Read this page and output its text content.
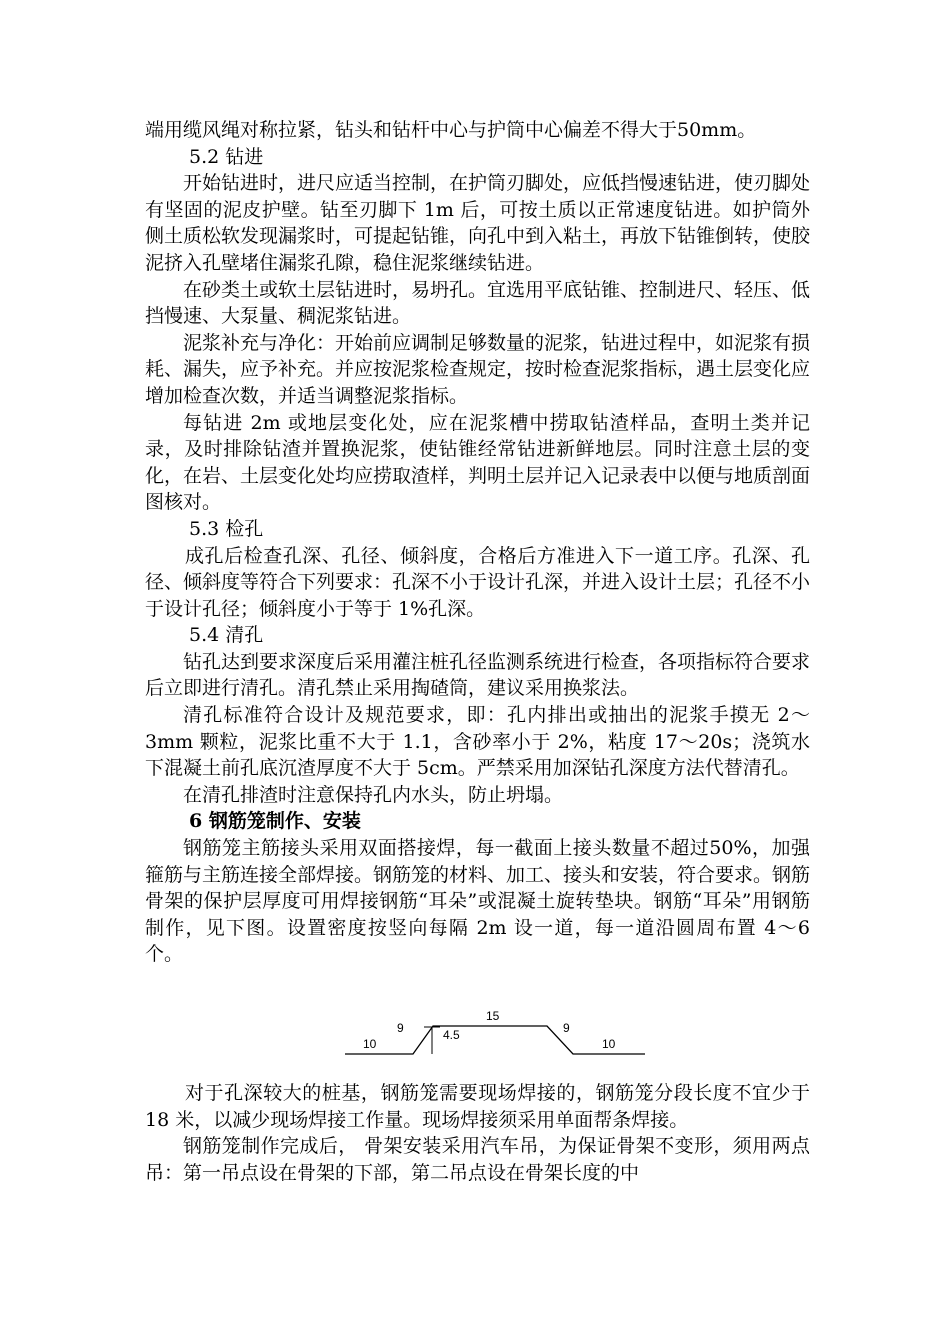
端用缆风绳对称拉紧，钻头和钻杆中心与护筒中心偏差不得大于50mm。

5.2 钻进

开始钻进时，进尺应适当控制，在护筒刃脚处，应低挡慢速钻进，使刃脚处有坚固的泥皮护壁。钻至刃脚下 1m 后，可按土质以正常速度钻进。如护筒外侧土质松软发现漏浆时，可提起钻锥，向孔中到入粘土，再放下钻锥倒转，使胶泥挤入孔壁堵住漏浆孔隙，稳住泥浆继续钻进。

在砂类土或软土层钻进时，易坍孔。宜选用平底钻锥、控制进尺、轻压、低挡慢速、大泵量、稠泥浆钻进。

泥浆补充与净化：开始前应调制足够数量的泥浆，钻进过程中，如泥浆有损耗、漏失，应予补充。并应按泥浆检查规定，按时检查泥浆指标，遇土层变化应增加检查次数，并适当调整泥浆指标。

每钻进 2m 或地层变化处，应在泥浆槽中捞取钻渣样品，查明土类并记录，及时排除钻渣并置换泥浆，使钻锥经常钻进新鲜地层。同时注意土层的变化，在岩、土层变化处均应捞取渣样，判明土层并记入记录表中以便与地质剖面图核对。

5.3 检孔

成孔后检查孔深、孔径、倾斜度，合格后方准进入下一道工序。孔深、孔径、倾斜度等符合下列要求：孔深不小于设计孔深，并进入设计土层；孔径不小于设计孔径；倾斜度小于等于 1%孔深。

5.4 清孔

钻孔达到要求深度后采用灌注桩孔径监测系统进行检查，各项指标符合要求后立即进行清孔。清孔禁止采用掏碴筒，建议采用换浆法。

清孔标准符合设计及规范要求，即：孔内排出或抽出的泥浆手摸无 2～3mm 颗粒，泥浆比重不大于 1.1，含砂率小于 2%，粘度 17～20s；浇筑水下混凝土前孔底沉渣厚度不大于 5cm。严禁采用加深钻孔深度方法代替清孔。

在清孔排渣时注意保持孔内水头，防止坍塌。

6 钢筋笼制作、安装

钢筋笼主筋接头采用双面搭接焊，每一截面上接头数量不超过50%，加强箍筋与主筋连接全部焊接。钢筋笼的材料、加工、接头和安装，符合要求。钢筋骨架的保护层厚度可用焊接钢筋“耳朵”或混凝土旋转垫块。钢筋“耳朵”用钢筋制作，见下图。设置密度按竖向每隔 2m 设一道，每一道沿圆周布置 4～6 个。

10
9
15
4.5	9
10

对于孔深较大的桩基，钢筋笼需要现场焊接的，钢筋笼分段长度不宜少于 18 米，以减少现场焊接工作量。现场焊接须采用单面帮条焊接。

钢筋笼制作完成后， 骨架安装采用汽车吊，为保证骨架不变形，须用两点吊：第一吊点设在骨架的下部，第二吊点设在骨架长度的中
